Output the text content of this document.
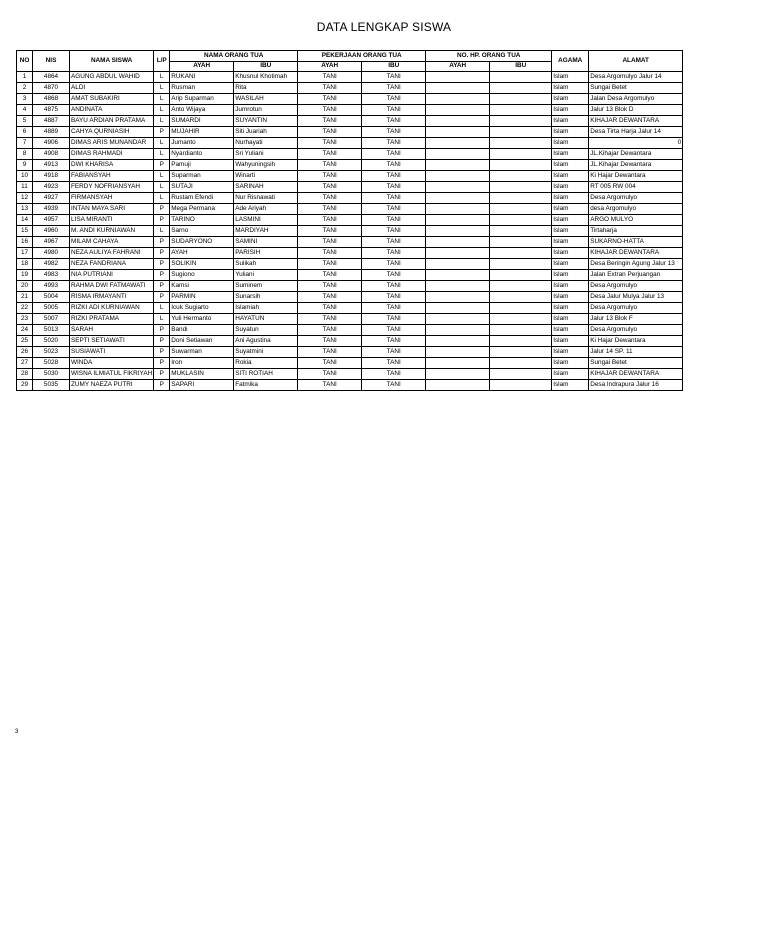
DATA LENGKAP SISWA
NO	NIS	NAMA SISWA	L/P	NAMA ORANG TUA		PEKERJAAN ORANG TUA		NO. HP. ORANG TUA		AGAMA	ALAMAT
				AYAH	IBU	AYAH	IBU	AYAH	IBU		
1	4864	AGUNG ABDUL WAHID	L	RUKANI	Khusnul Khotimah	TANI	TANI			Islam	Desa Argomulyo Jalur 14
2	4870	ALDI	L	Rusman	Rita	TANI	TANI			Islam	Sungai Betet
3	4868	AMAT SUBAKIRI	L	Arip Suparman	WASILAH	TANI	TANI			Islam	Jalan Desa Argomulyo
4	4875	ANDINATA	L	Anto Wijaya	Jumrotun	TANI	TANI			Islam	Jalur 13 Blok D
5	4887	BAYU ARDIAN PRATAMA	L	SUMARDI	SUYANTIN	TANI	TANI			Islam	KIHAJAR DEWANTARA
6	4889	CAHYA QURNIASIH	P	MUJAHIR	Siti Juariah	TANI	TANI			Islam	Desa Tirta Harja Jalur 14
7	4906	DIMAS ARIS MUNANDAR	L	Jumanto	Nurhayati	TANI	TANI			Islam	0
8	4908	DIMAS RAHMADI	L	Nyardianto	Sri Yuliani	TANI	TANI			Islam	JL.Kihajar Dewantara
9	4913	DWI KHARISA	P	Pamuji	Wahyuningsih	TANI	TANI			Islam	JL.Kihajar Dewantara
10	4918	FABIANSYAH	L	Suparman	Winarti	TANI	TANI			Islam	Ki Hajar Dewantara
11	4923	FERDY NOFRIANSYAH	L	SUTAJI	SARINAH	TANI	TANI			Islam	RT 005 RW 004
12	4927	FIRMANSYAH	L	Rustam Efendi	Nur Risnawati	TANI	TANI			Islam	Desa Argomulyo
13	4939	INTAN MAYA SARI	P	Mega Permana	Ade Ariyah	TANI	TANI			Islam	desa Argomulyo
14	4957	LISA MIRANTI	P	TARINO	LASMINI	TANI	TANI			Islam	ARGO MULYO
15	4960	M. ANDI KURNIAWAN	L	Sarno	MARDIYAH	TANI	TANI			Islam	Tirtaharja
16	4967	MILAM CAHAYA	P	SUDARYONO	SAMINI	TANI	TANI			Islam	SUKARNO-HATTA
17	4980	NEZA AULIYA FAHRANI	P	AYAH	PARISIH	TANI	TANI			Islam	KIHAJAR DEWANTARA
18	4982	NEZA FANDRIANA	P	SOLIKIN	Sulikah	TANI	TANI			Islam	Desa Beringin Agung Jalur 13
19	4983	NIA PUTRIANI	P	Sugiono	Yuliani	TANI	TANI			Islam	Jalan Extran Perjuangan
20	4993	RAHMA DWI FATMAWATI	P	Kamsi	Suminem	TANI	TANI			Islam	Desa Argomulyo
21	5004	RISMA IRMAYANTI	P	PARMIN	Sunarsih	TANI	TANI			Islam	Desa Jalur Mulya Jalur 13
22	5005	RIZKI ADI KURNIAWAN	L	Icuk Sugiarto	Islamiah	TANI	TANI			Islam	Desa Argomulyo
23	5007	RIZKI PRATAMA	L	Yuli Hermanto	HAYATUN	TANI	TANI			Islam	Jalur 13 Blok F
24	5013	SARAH	P	Bandi	Suyatun	TANI	TANI			Islam	Desa Argomulyo
25	5020	SEPTI SETIAWATI	P	Doni Setiawan	Ani Agustina	TANI	TANI			Islam	Ki Hajar Dewantara
26	5023	SUSIAWATI	P	Suwarman	Suyatmini	TANI	TANI			Islam	Jalur 14 SP. 11
27	5028	WINDA	P	Iron	Rokia	TANI	TANI			Islam	Sungai Betet
28	5030	WISNA ILMIATUL FIKRIYAH	P	MUKLASIN	SITI ROTIAH	TANI	TANI			Islam	KIHAJAR DEWANTARA
29	5035	ZUMY NAEZA PUTRI	P	SAPARI	Fatmika	TANI	TANI			Islam	Desa Indrapura Jalur 16
3
